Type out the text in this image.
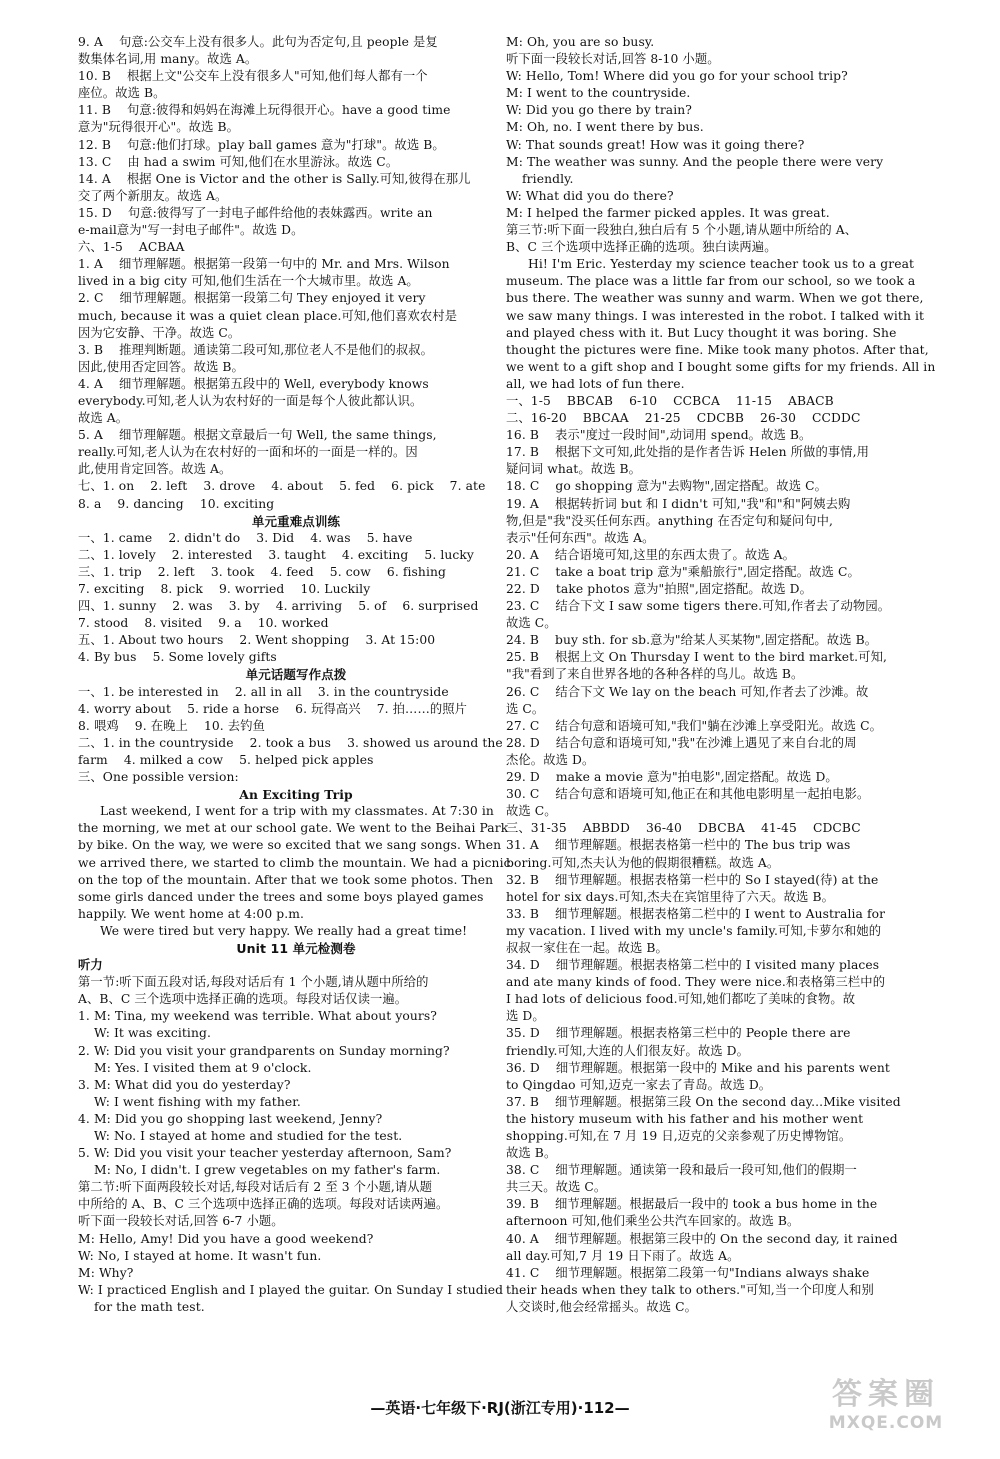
9. A    句意:公交车上没有很多人。此句为否定句,且 people 是复
数集体名词,用 many。故选 A。
10. B    根据上文"公交车上没有很多人"可知,他们每人都有一个
座位。故选 B。
11. B    句意:彼得和妈妈在海滩上玩得很开心。have a good time
意为"玩得很开心"。故选 B。
12. B    句意:他们打球。play ball games 意为"打球"。故选 B。
13. C    由 had a swim 可知,他们在水里游泳。故选 C。
14. A    根据 One is Victor and the other is Sally.可知,彼得在那儿
交了两个新朋友。故选 A。
15. D    句意:彼得写了一封电子邮件给他的表妹露西。write an
e-mail意为"写一封电子邮件"。故选 D。
六、1-5    ACBAA
1. A    细节理解题。根据第一段第一句中的 Mr. and Mrs. Wilson
lived in a big city 可知,他们生活在一个大城市里。故选 A。
2. C    细节理解题。根据第一段第二句 They enjoyed it very
much, because it was a quiet clean place.可知,他们喜欢农村是
因为它安静、干净。故选 C。
3. B    推理判断题。通读第二段可知,那位老人不是他们的叔叔。
因此,使用否定回答。故选 B。
4. A    细节理解题。根据第五段中的 Well, everybody knows
everybody.可知,老人认为农村好的一面是每个人彼此都认识。
故选 A。
5. A    细节理解题。根据文章最后一句 Well, the same things,
really.可知,老人认为在农村好的一面和坏的一面是一样的。因
此,使用肯定回答。故选 A。
七、1. on    2. left    3. drove    4. about    5. fed    6. pick    7. ate
8. a    9. dancing    10. exciting
单元重难点训练
一、1. came    2. didn't do    3. Did    4. was    5. have
二、1. lovely    2. interested    3. taught    4. exciting    5. lucky
三、1. trip    2. left    3. took    4. feed    5. cow    6. fishing
7. exciting    8. pick    9. worried    10. Luckily
四、1. sunny    2. was    3. by    4. arriving    5. of    6. surprised
7. stood    8. visited    9. a    10. worked
五、1. About two hours    2. Went shopping    3. At 15:00
4. By bus    5. Some lovely gifts
单元话题写作点拨
一、1. be interested in    2. all in all    3. in the countryside
4. worry about    5. ride a horse    6. 玩得高兴    7. 拍……的照片
8. 喂鸡    9. 在晚上    10. 去钓鱼
二、1. in the countryside    2. took a bus    3. showed us around the
farm    4. milked a cow    5. helped pick apples
三、One possible version:
An Exciting Trip
Last weekend, I went for a trip with my classmates. At 7:30 in
the morning, we met at our school gate. We went to the Beihai Park
by bike. On the way, we were so excited that we sang songs. When
we arrived there, we started to climb the mountain. We had a picnic
on the top of the mountain. After that we took some photos. Then
some girls danced under the trees and some boys played games
happily. We went home at 4:00 p.m.
We were tired but very happy. We really had a great time!
Unit 11 单元检测卷
听力
第一节:听下面五段对话,每段对话后有 1 个小题,请从题中所给的
A、B、C 三个选项中选择正确的选项。每段对话仅读一遍。
1. M: Tina, my weekend was terrible. What about yours?
W: It was exciting.
2. W: Did you visit your grandparents on Sunday morning?
M: Yes. I visited them at 9 o'clock.
3. M: What did you do yesterday?
W: I went fishing with my father.
4. M: Did you go shopping last weekend, Jenny?
W: No. I stayed at home and studied for the test.
5. W: Did you visit your teacher yesterday afternoon, Sam?
M: No, I didn't. I grew vegetables on my father's farm.
第二节:听下面两段较长对话,每段对话后有 2 至 3 个小题,请从题
中所给的 A、B、C 三个选项中选择正确的选项。每段对话读两遍。
听下面一段较长对话,回答 6-7 小题。
M: Hello, Amy! Did you have a good weekend?
W: No, I stayed at home. It wasn't fun.
M: Why?
W: I practiced English and I played the guitar. On Sunday I studied
for the math test.
M: Oh, you are so busy.
听下面一段较长对话,回答 8-10 小题。
W: Hello, Tom! Where did you go for your school trip?
M: I went to the countryside.
W: Did you go there by train?
M: Oh, no. I went there by bus.
W: That sounds great! How was it going there?
M: The weather was sunny. And the people there were very
friendly.
W: What did you do there?
M: I helped the farmer picked apples. It was great.
第三节:听下面一段独白,独白后有 5 个小题,请从题中所给的 A、
B、C 三个选项中选择正确的选项。独白读两遍。
Hi! I'm Eric. Yesterday my science teacher took us to a great
museum. The place was a little far from our school, so we took a
bus there. The weather was sunny and warm. When we got there,
we saw many things. I was interested in the robot. I talked with it
and played chess with it. But Lucy thought it was boring. She
thought the pictures were fine. Mike took many photos. After that,
we went to a gift shop and I bought some gifts for my friends. All in
all, we had lots of fun there.
一、1-5    BBCAB    6-10    CCBCA    11-15    ABACB
二、16-20    BBCAA    21-25    CDCBB    26-30    CCDDC
16. B    表示"度过一段时间",动词用 spend。故选 B。
17. B    根据下文可知,此处指的是作者告诉 Helen 所做的事情,用
疑问词 what。故选 B。
18. C    go shopping 意为"去购物",固定搭配。故选 C。
19. A    根据转折词 but 和 I didn't 可知,"我"和"和"阿姨去购
物,但是"我"没买任何东西。anything 在否定句和疑问句中,
表示"任何东西"。故选 A。
20. A    结合语境可知,这里的东西太贵了。故选 A。
21. C    take a boat trip 意为"乘船旅行",固定搭配。故选 C。
22. D    take photos 意为"拍照",固定搭配。故选 D。
23. C    结合下文 I saw some tigers there.可知,作者去了动物园。
故选 C。
24. B    buy sth. for sb.意为"给某人买某物",固定搭配。故选 B。
25. B    根据上文 On Thursday I went to the bird market.可知,
"我"看到了来自世界各地的各种各样的鸟儿。故选 B。
26. C    结合下文 We lay on the beach 可知,作者去了沙滩。故
选 C。
27. C    结合句意和语境可知,"我们"躺在沙滩上享受阳光。故选 C。
28. D    结合句意和语境可知,"我"在沙滩上遇见了来自台北的周
杰伦。故选 D。
29. D    make a movie 意为"拍电影",固定搭配。故选 D。
30. C    结合句意和语境可知,他正在和其他电影明星一起拍电影。
故选 C。
三、31-35    ABBDD    36-40    DBCBA    41-45    CDCBC
31. A    细节理解题。根据表格第一栏中的 The bus trip was
boring.可知,杰夫认为他的假期很糟糕。故选 A。
32. B    细节理解题。根据表格第一栏中的 So I stayed(待) at the
hotel for six days.可知,杰夫在宾馆里待了六天。故选 B。
33. B    细节理解题。根据表格第二栏中的 I went to Australia for
my vacation. I lived with my uncle's family.可知,卡萝尔和她的
叔叔一家住在一起。故选 B。
34. D    细节理解题。根据表格第二栏中的 I visited many places
and ate many kinds of food. They were nice.和表格第三栏中的
I had lots of delicious food.可知,她们都吃了美味的食物。故
选 D。
35. D    细节理解题。根据表格第三栏中的 People there are
friendly.可知,大连的人们很友好。故选 D。
36. D    细节理解题。根据第一段中的 Mike and his parents went
to Qingdao 可知,迈克一家去了青岛。故选 D。
37. B    细节理解题。根据第三段 On the second day...Mike visited
the history museum with his father and his mother went
shopping.可知,在 7 月 19 日,迈克的父亲参观了历史博物馆。
故选 B。
38. C    细节理解题。通读第一段和最后一段可知,他们的假期一
共三天。故选 C。
39. B    细节理解题。根据最后一段中的 took a bus home in the
afternoon 可知,他们乘坐公共汽车回家的。故选 B。
40. A    细节理解题。根据第三段中的 On the second day, it rained
all day.可知,7 月 19 日下雨了。故选 A。
41. C    细节理解题。根据第二段第一句"Indians always shake
their heads when they talk to others."可知,当一个印度人和别
人交谈时,他会经常摇头。故选 C。
—英语·七年级下·RJ(浙江专用)·112—	答案圈
MXQE.COM
